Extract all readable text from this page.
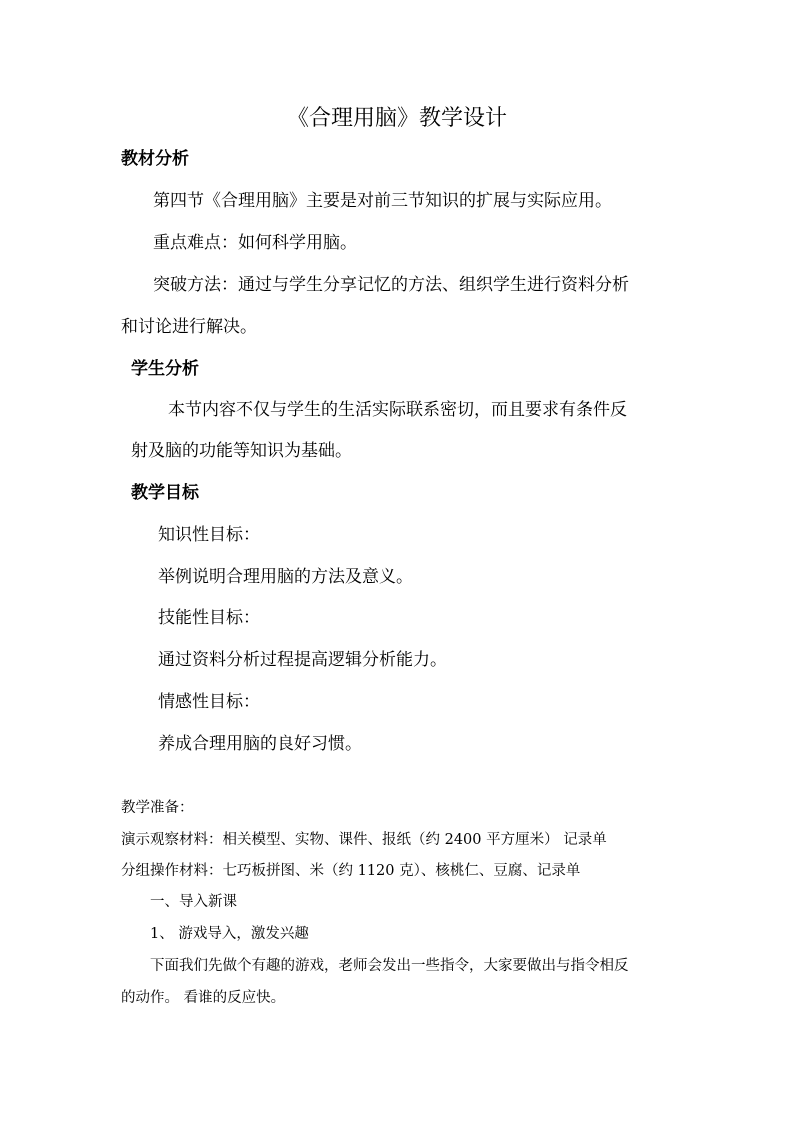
《合理用脑》教学设计
教材分析
第四节《合理用脑》主要是对前三节知识的扩展与实际应用。
重点难点：如何科学用脑。
突破方法：通过与学生分享记忆的方法、组织学生进行资料分析
和讨论进行解决。
学生分析
本节内容不仅与学生的生活实际联系密切，而且要求有条件反
射及脑的功能等知识为基础。
教学目标
知识性目标：
举例说明合理用脑的方法及意义。
技能性目标：
通过资料分析过程提高逻辑分析能力。
情感性目标：
养成合理用脑的良好习惯。
教学准备：
演示观察材料：相关模型、实物、课件、报纸（约 2400 平方厘米） 记录单
分组操作材料：七巧板拼图、米（约 1120 克）、核桃仁、豆腐、记录单
一、导入新课
1、 游戏导入，激发兴趣
下面我们先做个有趣的游戏，老师会发出一些指令，大家要做出与指令相反
的动作。 看谁的反应快。
